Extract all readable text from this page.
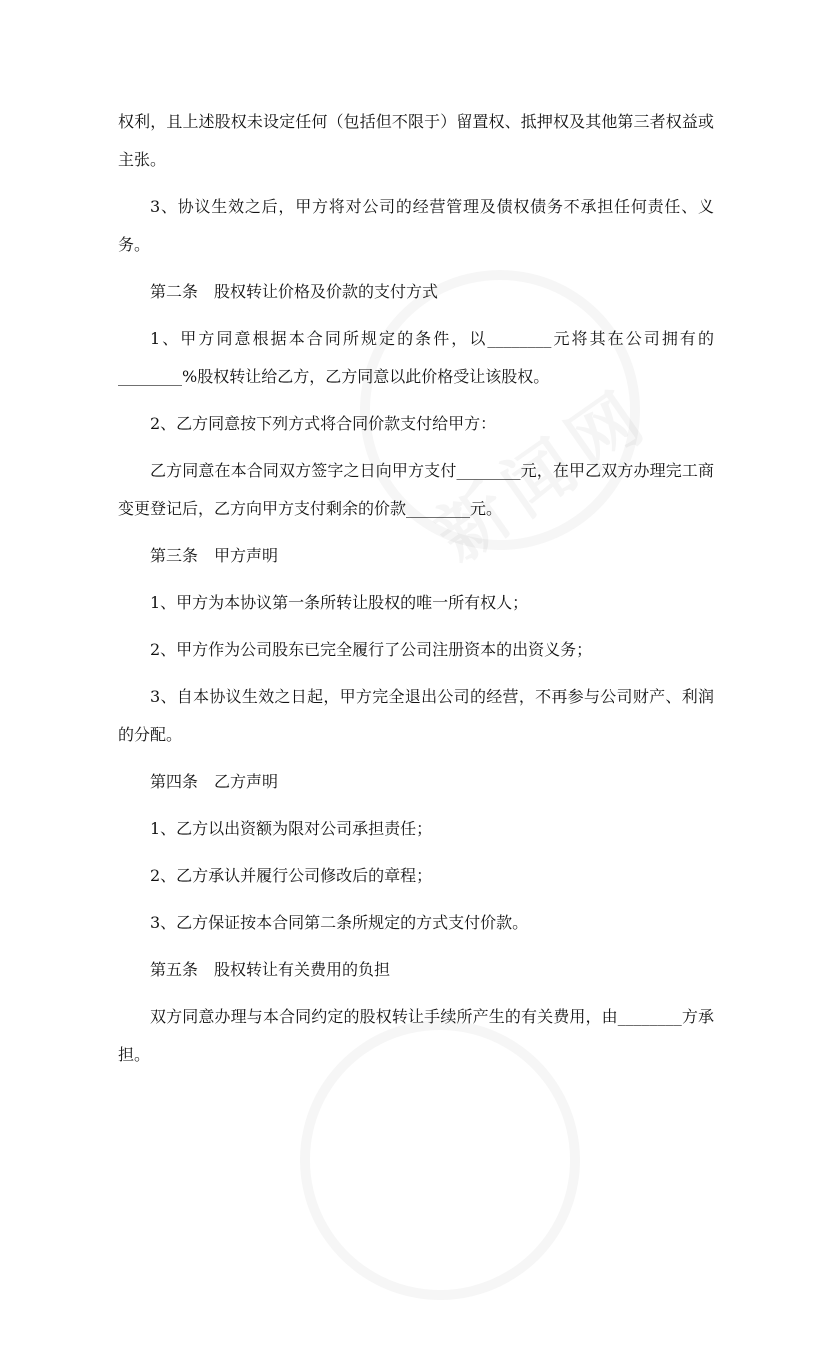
权利，且上述股权未设定任何（包括但不限于）留置权、抵押权及其他第三者权益或主张。

3、协议生效之后，甲方将对公司的经营管理及债权债务不承担任何责任、义务。

第二条　股权转让价格及价款的支付方式

1、甲方同意根据本合同所规定的条件，以________元将其在公司拥有的________%股权转让给乙方，乙方同意以此价格受让该股权。

2、乙方同意按下列方式将合同价款支付给甲方：

乙方同意在本合同双方签字之日向甲方支付________元，在甲乙双方办理完工商变更登记后，乙方向甲方支付剩余的价款________元。

第三条　甲方声明

1、甲方为本协议第一条所转让股权的唯一所有权人；

2、甲方作为公司股东已完全履行了公司注册资本的出资义务；

3、自本协议生效之日起，甲方完全退出公司的经营，不再参与公司财产、利润的分配。

第四条　乙方声明

1、乙方以出资额为限对公司承担责任；

2、乙方承认并履行公司修改后的章程；

3、乙方保证按本合同第二条所规定的方式支付价款。

第五条　股权转让有关费用的负担

双方同意办理与本合同约定的股权转让手续所产生的有关费用，由________方承担。
